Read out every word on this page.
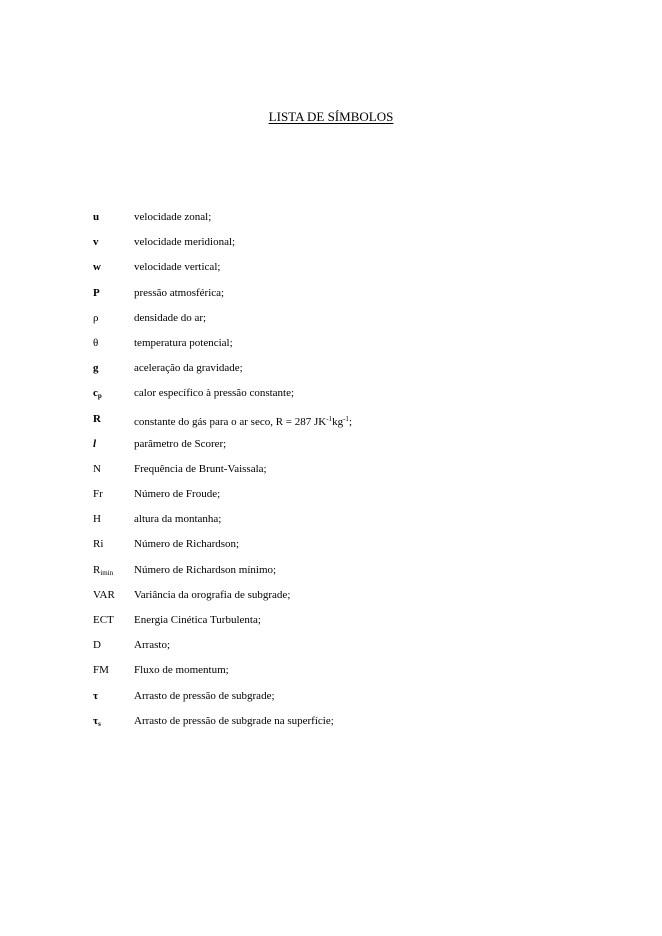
LISTA DE SÍMBOLOS
u	velocidade zonal;
v	velocidade meridional;
w	velocidade vertical;
P	pressão atmosférica;
ρ	densidade do ar;
θ	temperatura potencial;
g	aceleração da gravidade;
$c_p$	calor específico à pressão constante;
R	constante do gás para o ar seco, R = 287 $JK^{-1}kg^{-1}$;
l	parâmetro de Scorer;
N	Frequência de Brunt-Vaissala;
Fr	Número de Froude;
H	altura da montanha;
Ri	Número de Richardson;
$R_{imin}$ Número de Richardson mínimo;
VAR Variância da orografia de subgrade;
ECT Energia Cinética Turbulenta;
D	Arrasto;
FM Fluxo de momentum;
τ	Arrasto de pressão de subgrade;
$\tau_s$	Arrasto de pressão de subgrade na superfície;
